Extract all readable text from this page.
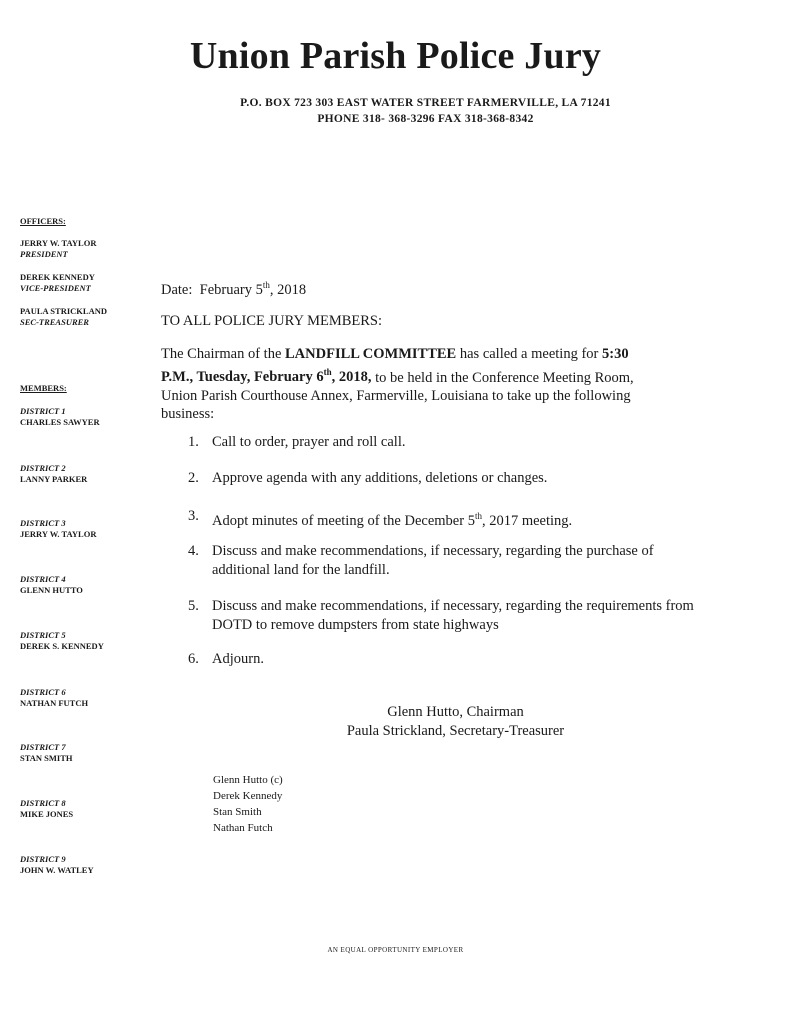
Union Parish Police Jury
P.O. BOX 723 303 EAST WATER STREET FARMERVILLE, LA 71241
PHONE 318- 368-3296 FAX 318-368-8342
OFFICERS:
JERRY W. TAYLOR
PRESIDENT
DEREK KENNEDY
VICE-PRESIDENT
PAULA STRICKLAND
SEC-TREASURER
MEMBERS:
DISTRICT 1
CHARLES SAWYER
DISTRICT 2
LANNY PARKER
DISTRICT 3
JERRY W. TAYLOR
DISTRICT 4
GLENN HUTTO
DISTRICT 5
DEREK S. KENNEDY
DISTRICT 6
NATHAN FUTCH
DISTRICT 7
STAN SMITH
DISTRICT 8
MIKE JONES
DISTRICT 9
JOHN W. WATLEY
Date: February 5th, 2018
TO ALL POLICE JURY MEMBERS:
The Chairman of the LANDFILL COMMITTEE has called a meeting for 5:30 P.M., Tuesday, February 6th, 2018, to be held in the Conference Meeting Room, Union Parish Courthouse Annex, Farmerville, Louisiana to take up the following business:
1. Call to order, prayer and roll call.
2. Approve agenda with any additions, deletions or changes.
3. Adopt minutes of meeting of the December 5th, 2017 meeting.
4. Discuss and make recommendations, if necessary, regarding the purchase of additional land for the landfill.
5. Discuss and make recommendations, if necessary, regarding the requirements from DOTD to remove dumpsters from state highways
6. Adjourn.
Glenn Hutto, Chairman
Paula Strickland, Secretary-Treasurer
Glenn Hutto (c)
Derek Kennedy
Stan Smith
Nathan Futch
AN EQUAL OPPORTUNITY EMPLOYER
